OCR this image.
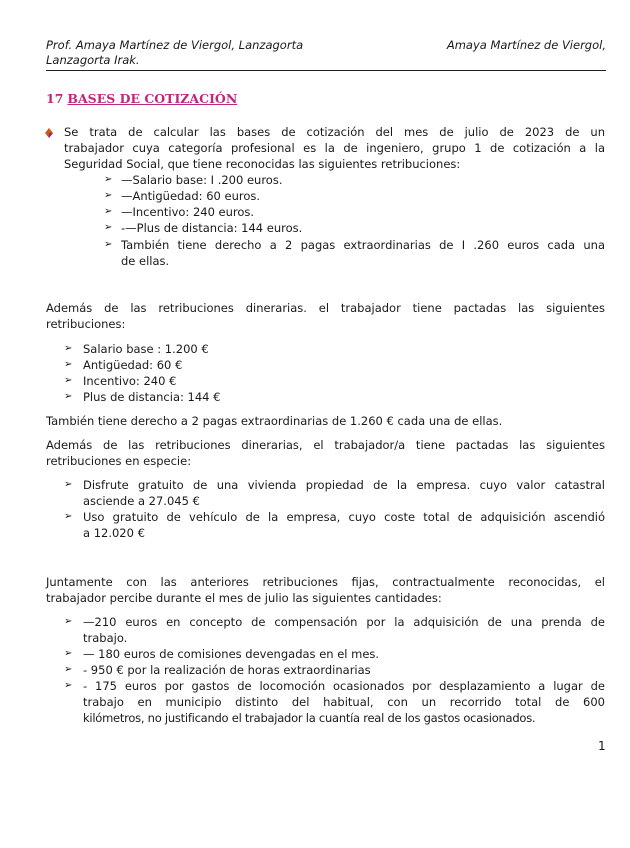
Prof. Amaya Martínez de Viergol, Lanzagorta	Amaya Martínez de Viergol,
Lanzagorta Irak.
17 BASES DE COTIZACIÓN
Se trata de calcular las bases de cotización del mes de julio de 2023 de un
trabajador cuya categoría profesional es la de ingeniero, grupo 1 de cotización a la
Seguridad Social, que tiene reconocidas las siguientes retribuciones:
➢ —Salario base: I .200 euros.
➢ —Antigüedad: 60 euros.
➢ —Incentivo: 240 euros.
➢ -—Plus de distancia: 144 euros.
➢ También tiene derecho a 2 pagas extraordinarias de I .260 euros cada una
de ellas.
Además de las retribuciones dinerarias. el trabajador tiene pactadas las siguientes
retribuciones:
➢ Salario base : 1.200 €
➢ Antigüedad: 60 €
➢ Incentivo: 240 €
➢ Plus de distancia: 144 €
También tiene derecho a 2 pagas extraordinarias de 1.260 € cada una de ellas.
Además de las retribuciones dinerarias, el trabajador/a tiene pactadas las siguientes
retribuciones en especie:
➢ Disfrute gratuito de una vivienda propiedad de la empresa. cuyo valor catastral
asciende a 27.045 €
➢ Uso gratuito de vehículo de la empresa, cuyo coste total de adquisición ascendió
a 12.020 €
Juntamente con las anteriores retribuciones fijas, contractualmente reconocidas, el
trabajador percibe durante el mes de julio las siguientes cantidades:
➢ —210 euros en concepto de compensación por la adquisición de una prenda de
trabajo.
➢ — 180 euros de comisiones devengadas en el mes.
➢ - 950 € por la realización de horas extraordinarias
➢ - 175 euros por gastos de locomoción ocasionados por desplazamiento a lugar de
trabajo en municipio distinto del habitual, con un recorrido total de 600
kilómetros, no justificando el trabajador la cuantía real de los gastos ocasionados.
1
